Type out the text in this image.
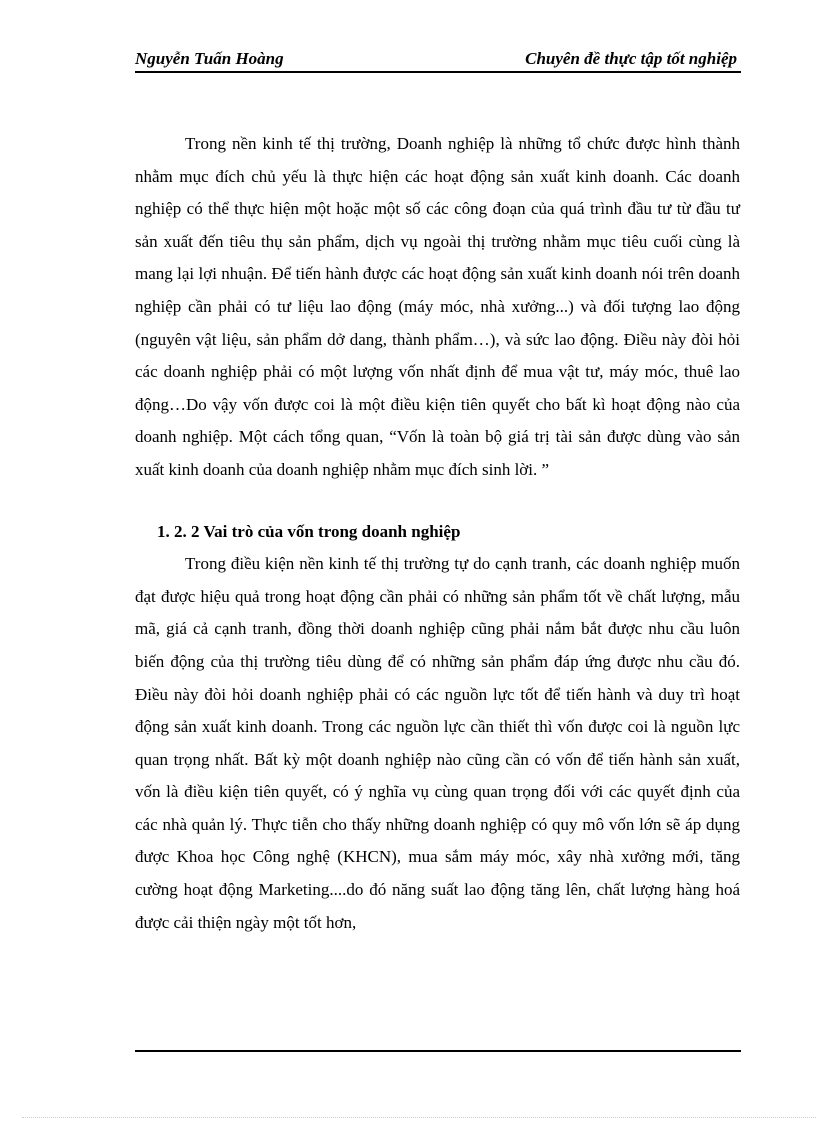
Nguyễn Tuấn Hoàng	Chuyên đề thực tập tốt nghiệp

Trong nền kinh tế thị trường, Doanh nghiệp là những tổ chức được hình thành nhằm mục đích chủ yếu là thực hiện các hoạt động sản xuất kinh doanh. Các doanh nghiệp có thể thực hiện một hoặc một số các công đoạn của quá trình đầu tư từ đầu tư sản xuất đến tiêu thụ sản phẩm, dịch vụ ngoài thị trường nhằm mục tiêu cuối cùng là mang lại lợi nhuận. Để tiến hành được các hoạt động sản xuất kinh doanh nói trên doanh nghiệp cần phải có tư liệu lao động (máy móc, nhà xưởng...) và đối tượng lao động (nguyên vật liệu, sản phẩm dở dang, thành phẩm…), và sức lao động. Điều này đòi hỏi các doanh nghiệp phải có một lượng vốn nhất định để mua vật tư, máy móc, thuê lao động…Do vậy vốn được coi là một điều kiện tiên quyết cho bất kì hoạt động nào của doanh nghiệp. Một cách tổng quan, “Vốn là toàn bộ giá trị tài sản được dùng vào sản xuất kinh doanh của doanh nghiệp nhằm mục đích sinh lời. ”

1. 2. 2 Vai trò của vốn trong doanh nghiệp

Trong điều kiện nền kinh tế thị trường tự do cạnh tranh, các doanh nghiệp muốn đạt được hiệu quả trong hoạt động cần phải có những sản phẩm tốt về chất lượng, mẫu mã, giá cả cạnh tranh, đồng thời doanh nghiệp cũng phải nắm bắt được nhu cầu luôn biến động của thị trường tiêu dùng để có những sản phẩm đáp ứng được nhu cầu đó. Điều này đòi hỏi doanh nghiệp phải có các nguồn lực tốt để tiến hành và duy trì hoạt động sản xuất kinh doanh. Trong các nguồn lực cần thiết thì vốn được coi là nguồn lực quan trọng nhất. Bất kỳ một doanh nghiệp nào cũng cần có vốn để tiến hành sản xuất, vốn là điều kiện tiên quyết, có ý nghĩa vụ cùng quan trọng đối với các quyết định của các nhà quản lý. Thực tiễn cho thấy những doanh nghiệp có quy mô vốn lớn sẽ áp dụng được Khoa học Công nghệ (KHCN), mua sắm máy móc, xây nhà xưởng mới, tăng cường hoạt động Marketing....do đó năng suất lao động tăng lên, chất lượng hàng hoá được cải thiện ngày một tốt hơn,
